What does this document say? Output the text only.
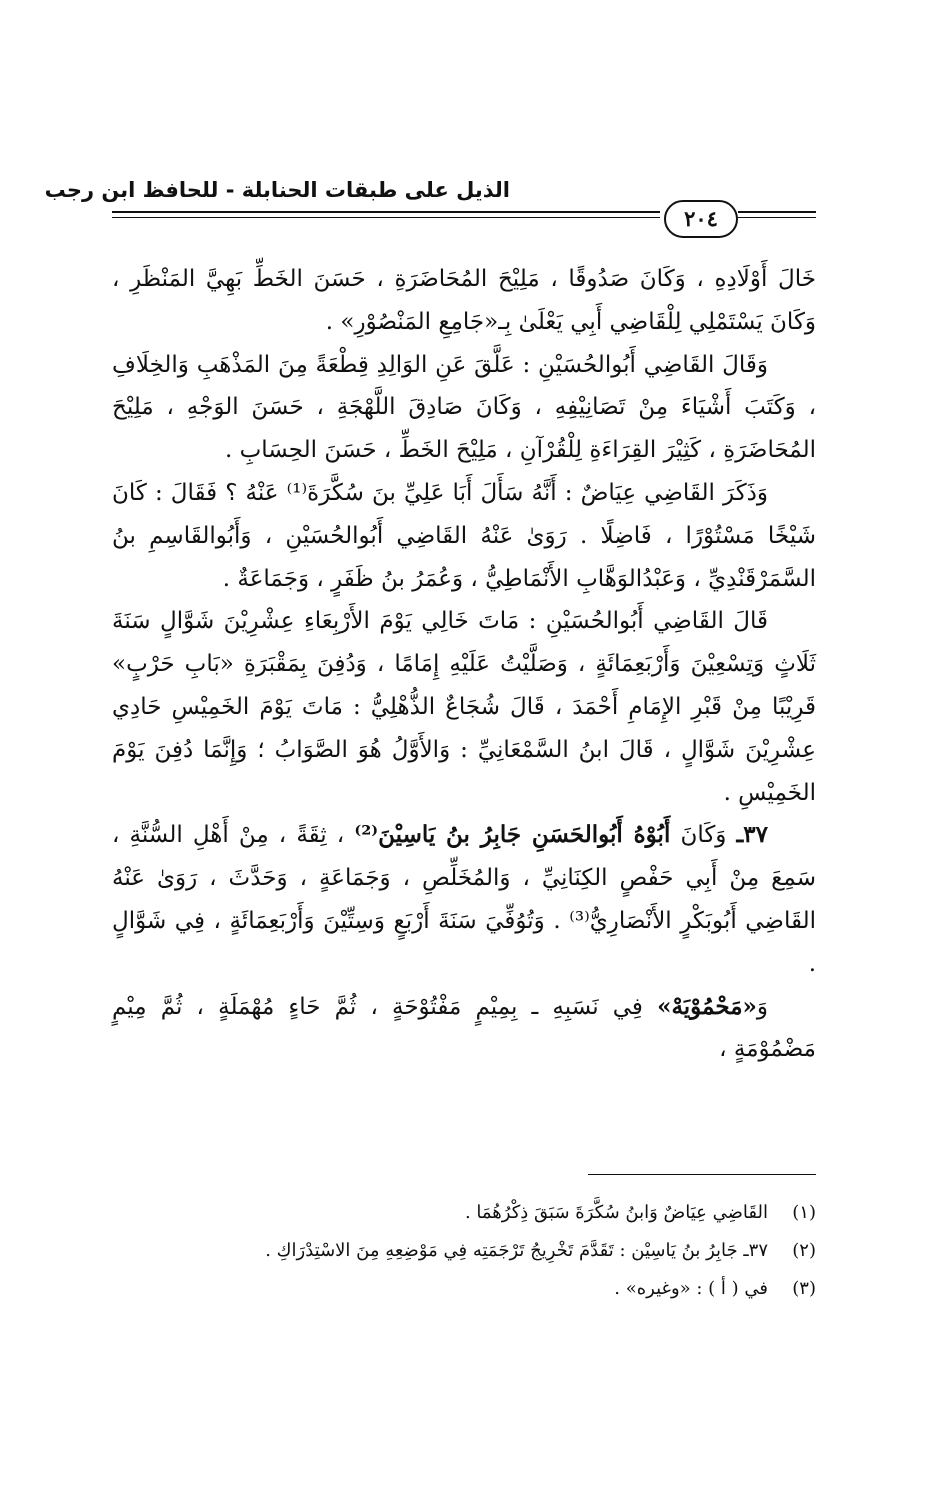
الذيل على طبقات الحنابلة - للحافظ ابن رجب
٢٠٤

خَالَ أَوْلَادِهِ ، وَكَانَ صَدُوقًا ، مَلِيْحَ المُحَاضَرَةِ ، حَسَنَ الخَطِّ بَهِيَّ المَنْظَرِ ، وَكَانَ يَسْتَمْلِي لِلْقَاضِي أَبِي يَعْلَىٰ بِـ«جَامِعِ المَنْصُوْرِ» .

وَقَالَ القَاضِي أَبُوالحُسَيْنِ : عَلَّقَ عَنِ الوَالِدِ قِطْعَةً مِنَ المَذْهَبِ وَالخِلَافِ ، وَكَتَبَ أَشْيَاءَ مِنْ تَصَانِيْفِهِ ، وَكَانَ صَادِقَ اللَّهْجَةِ ، حَسَنَ الوَجْهِ ، مَلِيْحَ المُحَاضَرَةِ ، كَثِيْرَ القِرَاءَةِ لِلْقُرْآنِ ، مَلِيْحَ الخَطِّ ، حَسَنَ الحِسَابِ .

وَذَكَرَ القَاضِي عِيَاضٌ : أَنَّهُ سَأَلَ أَبَا عَلِيِّ بنَ سُكَّرَةَ⁽¹⁾ عَنْهُ ؟ فَقَالَ : كَانَ شَيْخًا مَسْتُوْرًا ، فَاضِلًا . رَوَىٰ عَنْهُ القَاضِي أَبُوالحُسَيْنِ ، وَأَبُوالقَاسِمِ بنُ السَّمَرْقَنْدِيِّ ، وَعَبْدُالوَهَّابِ الأَنْمَاطِيُّ ، وَعُمَرُ بنُ ظَفَرٍ ، وَجَمَاعَةٌ .

قَالَ القَاضِي أَبُوالحُسَيْنِ : مَاتَ خَالِي يَوْمَ الأَرْبِعَاءِ عِشْرِيْنَ شَوَّالٍ سَنَةَ ثَلَاثٍ وَتِسْعِيْنَ وَأَرْبَعِمَائَةٍ ، وَصَلَّيْتُ عَلَيْهِ إِمَامًا ، وَدُفِنَ بِمَقْبَرَةِ «بَابِ حَرْبٍ» قَرِيْبًا مِنْ قَبْرِ الإِمَامِ أَحْمَدَ ، قَالَ شُجَاعٌ الذُّهْلِيُّ : مَاتَ يَوْمَ الخَمِيْسِ حَادِي عِشْرِيْنَ شَوَّالٍ ، قَالَ ابنُ السَّمْعَانِيِّ : وَالأَوَّلُ هُوَ الصَّوَابُ ؛ وَإِنَّمَا دُفِنَ يَوْمَ الخَمِيْسِ .

٣٧ـ وَكَانَ أَبُوْهُ أَبُوالحَسَنِ جَابِرُ بنُ يَاسِيْنَ⁽²⁾ ، ثِقَةً ، مِنْ أَهْلِ السُّنَّةِ ، سَمِعَ مِنْ أَبِي حَفْصٍ الكِنَانِيِّ ، وَالمُخَلِّصِ ، وَجَمَاعَةٍ ، وَحَدَّثَ ، رَوَىٰ عَنْهُ القَاضِي أَبُوبَكْرٍ الأَنْصَارِيُّ⁽³⁾ . وَتُوُفِّيَ سَنَةَ أَرْبَعٍ وَسِتِّيْنَ وَأَرْبَعِمَائَةٍ ، فِي شَوَّالٍ .

وَ«مَحْمُوْيَهْ» فِي نَسَبِهِ ـ بِمِيْمٍ مَفْتُوْحَةٍ ، ثُمَّ حَاءٍ مُهْمَلَةٍ ، ثُمَّ مِيْمٍ مَضْمُوْمَةٍ ،

(١)القَاضِي عِيَاضٌ وَابنُ سُكَّرَةَ سَبَقَ ذِكْرُهُمَا .
(٢)٣٧ـ جَابِرُ بنُ يَاسِيْن : تَقَدَّمَ تَخْرِيجُ تَرْجَمَتِه فِي مَوْضِعِهِ مِنَ الاسْتِدْرَاكِ .
(٣)في ( أ ) : «وغيره» .
